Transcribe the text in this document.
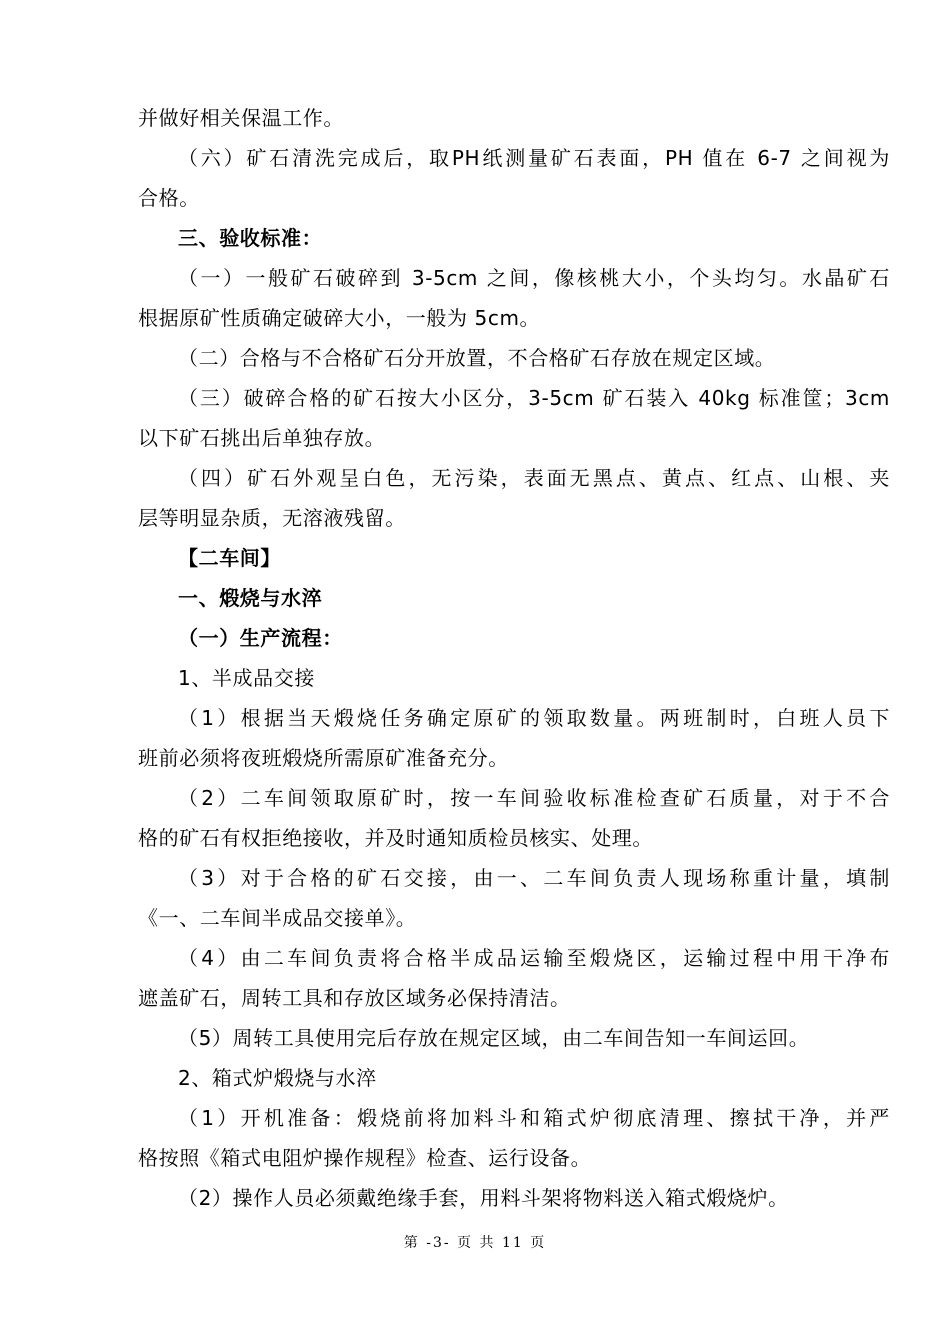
并做好相关保温工作。
（六）矿石清洗完成后，取PH纸测量矿石表面，PH 值在 6-7 之间视为
合格。
三、验收标准：
（一）一般矿石破碎到 3-5cm 之间，像核桃大小，个头均匀。水晶矿石
根据原矿性质确定破碎大小，一般为 5cm。
（二）合格与不合格矿石分开放置，不合格矿石存放在规定区域。
（三）破碎合格的矿石按大小区分，3-5cm 矿石装入 40kg 标准筐；3cm
以下矿石挑出后单独存放。
（四）矿石外观呈白色，无污染，表面无黑点、黄点、红点、山根、夹
层等明显杂质，无溶液残留。
【二车间】
一、煅烧与水淬
（一）生产流程：
1、半成品交接
（1）根据当天煅烧任务确定原矿的领取数量。两班制时，白班人员下
班前必须将夜班煅烧所需原矿准备充分。
（2）二车间领取原矿时，按一车间验收标准检查矿石质量，对于不合
格的矿石有权拒绝接收，并及时通知质检员核实、处理。
（3）对于合格的矿石交接，由一、二车间负责人现场称重计量，填制
《一、二车间半成品交接单》。
（4）由二车间负责将合格半成品运输至煅烧区，运输过程中用干净布
遮盖矿石，周转工具和存放区域务必保持清洁。
（5）周转工具使用完后存放在规定区域，由二车间告知一车间运回。
2、箱式炉煅烧与水淬
（1）开机准备：煅烧前将加料斗和箱式炉彻底清理、擦拭干净，并严
格按照《箱式电阻炉操作规程》检查、运行设备。
（2）操作人员必须戴绝缘手套，用料斗架将物料送入箱式煅烧炉。
第 -3- 页 共 11 页
